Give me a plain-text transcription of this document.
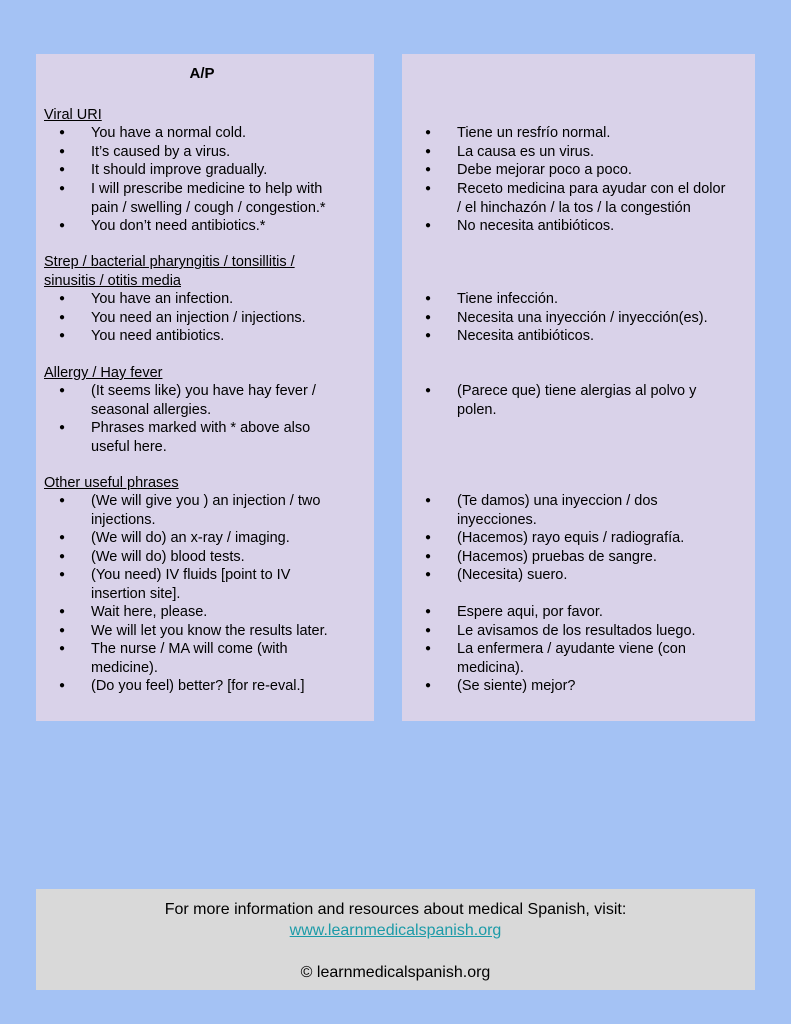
A/P
Viral URI
● You have a normal cold.
● It’s caused by a virus.
● It should improve gradually.
● I will prescribe medicine to help with
pain / swelling / cough / congestion.*
● You don’t need antibiotics.*
Strep / bacterial pharyngitis / tonsillitis /
sinusitis / otitis media
● You have an infection.
● You need an injection / injections.
● You need antibiotics.
Allergy / Hay fever
● (It seems like) you have hay fever /
seasonal allergies.
● Phrases marked with * above also
useful here.
Other useful phrases
● (We will give you ) an injection / two
injections.
● (We will do) an x-ray / imaging.
● (We will do) blood tests.
● (You need) IV fluids [point to IV
insertion site].
● Wait here, please.
● We will let you know the results later.
● The nurse / MA will come (with
medicine).
● (Do you feel) better? [for re-eval.]
● Tiene un resfrío normal.
● La causa es un virus.
● Debe mejorar poco a poco.
● Receto medicina para ayudar con el dolor
/ el hinchazón / la tos / la congestión
● No necesita antibióticos.
● Tiene infección.
● Necesita una inyección / inyección(es).
● Necesita antibióticos.
● (Parece que) tiene alergias al polvo y
polen.
● (Te damos) una inyeccion / dos
inyecciones.
● (Hacemos) rayo equis / radiografía.
● (Hacemos) pruebas de sangre.
● (Necesita) suero.
● Espere aqui, por favor.
● Le avisamos de los resultados luego.
● La enfermera / ayudante viene (con
medicina).
● (Se siente) mejor?
For more information and resources about medical Spanish, visit:
www.learnmedicalspanish.org
© learnmedicalspanish.org
